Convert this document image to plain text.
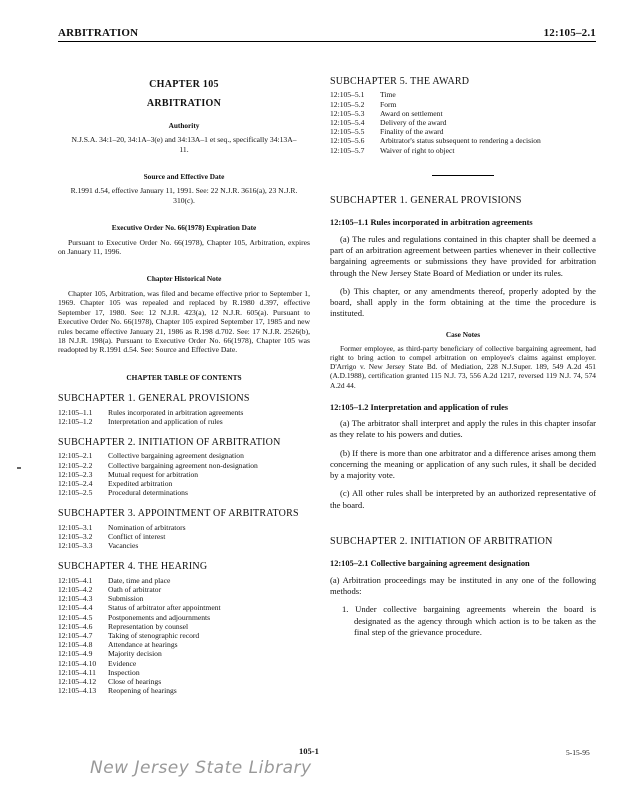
ARBITRATION	12:105–2.1
CHAPTER 105
ARBITRATION
Authority
N.J.S.A. 34:1–20, 34:1A–3(e) and 34:13A–1 et seq., specifically 34:13A–11.
Source and Effective Date
R.1991 d.54, effective January 11, 1991. See: 22 N.J.R. 3616(a), 23 N.J.R. 310(c).
Executive Order No. 66(1978) Expiration Date

Pursuant to Executive Order No. 66(1978), Chapter 105, Arbitration, expires on January 11, 1996.

Chapter Historical Note

Chapter 105, Arbitration, was filed and became effective prior to September 1, 1969. Chapter 105 was repealed and replaced by R.1980 d.397, effective September 17, 1980. See: 12 N.J.R. 423(a), 12 N.J.R. 605(a). Pursuant to Executive Order No. 66(1978), Chapter 105 expired September 17, 1985 and new rules became effective January 21, 1986 as R.198 d.702. See: 17 N.J.R. 2526(b), 18 N.J.R. 198(a). Pursuant to Executive Order No. 66(1978), Chapter 105 was readopted by R.1991 d.54. See: Source and Effective Date.

CHAPTER TABLE OF CONTENTS
SUBCHAPTER 1. GENERAL PROVISIONS
12:105–1.1	Rules incorporated in arbitration agreements
12:105–1.2	Interpretation and application of rules
SUBCHAPTER 2. INITIATION OF ARBITRATION
12:105–2.1	Collective bargaining agreement designation
12:105–2.2	Collective bargaining agreement non-designation
12:105–2.3	Mutual request for arbitration
12:105–2.4	Expedited arbitration
12:105–2.5	Procedural determinations
SUBCHAPTER 3. APPOINTMENT OF ARBITRATORS
12:105–3.1	Nomination of arbitrators
12:105–3.2	Conflict of interest
12:105–3.3	Vacancies
SUBCHAPTER 4. THE HEARING
12:105–4.1	Date, time and place
12:105–4.2	Oath of arbitrator
12:105–4.3	Submission
12:105–4.4	Status of arbitrator after appointment
12:105–4.5	Postponements and adjournments
12:105–4.6	Representation by counsel
12:105–4.7	Taking of stenographic record
12:105–4.8	Attendance at hearings
12:105–4.9	Majority decision
12:105–4.10	Evidence
12:105–4.11	Inspection
12:105–4.12	Close of hearings
12:105–4.13	Reopening of hearings
SUBCHAPTER 5. THE AWARD
12:105–5.1	Time
12:105–5.2	Form
12:105–5.3	Award on settlement
12:105–5.4	Delivery of the award
12:105–5.5	Finality of the award
12:105–5.6	Arbitrator's status subsequent to rendering a decision
12:105–5.7	Waiver of right to object
SUBCHAPTER 1. GENERAL PROVISIONS
12:105–1.1 Rules incorporated in arbitration agreements

(a) The rules and regulations contained in this chapter shall be deemed a part of an arbitration agreement between parties whenever in their collective bargaining agreements or submissions they have provided for arbitration through the New Jersey State Board of Mediation or under its rules.

(b) This chapter, or any amendments thereof, properly adopted by the board, shall apply in the form obtaining at the time the procedure is instituted.

Case Notes

Former employee, as third-party beneficiary of collective bargaining agreement, had right to bring action to compel arbitration on employee's claims against employer. D'Arrigo v. New Jersey State Bd. of Mediation, 228 N.J.Super. 189, 549 A.2d 451 (A.D.1988), certification granted 115 N.J. 73, 556 A.2d 1217, reversed 119 N.J. 74, 574 A.2d 44.

12:105–1.2 Interpretation and application of rules

(a) The arbitrator shall interpret and apply the rules in this chapter insofar as they relate to his powers and duties.

(b) If there is more than one arbitrator and a difference arises among them concerning the meaning or application of any such rules, it shall be decided by a majority vote.

(c) All other rules shall be interpreted by an authorized representative of the board.

SUBCHAPTER 2. INITIATION OF ARBITRATION
12:105–2.1 Collective bargaining agreement designation

(a) Arbitration proceedings may be instituted in any one of the following methods:

1. Under collective bargaining agreements wherein the board is designated as the agency through which action is to be taken as the final step of the grievance procedure.

105-1	5-15-95
New Jersey State Library
